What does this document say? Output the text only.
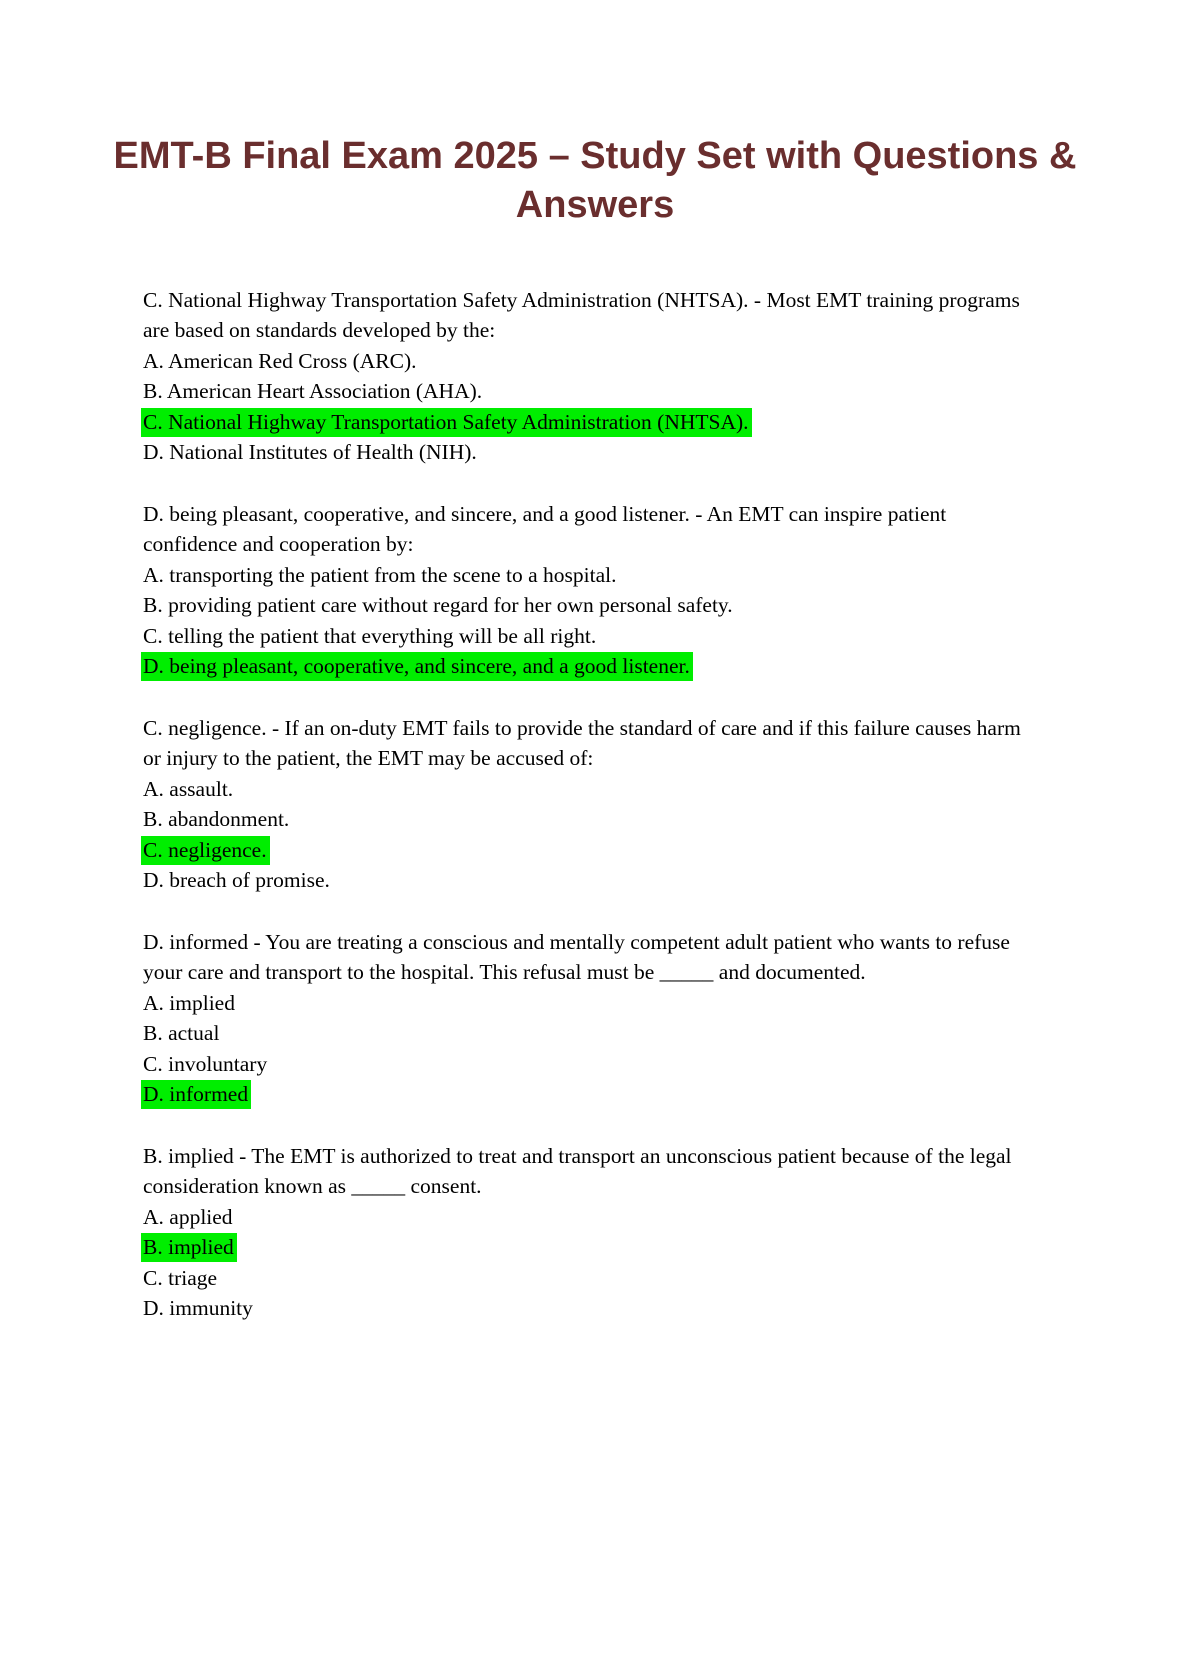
EMT-B Final Exam 2025 – Study Set with Questions & Answers

C. National Highway Transportation Safety Administration (NHTSA). - Most EMT training programs are based on standards developed by the:

A. American Red Cross (ARC).

B. American Heart Association (AHA).

C. National Highway Transportation Safety Administration (NHTSA).

D. National Institutes of Health (NIH).

D. being pleasant, cooperative, and sincere, and a good listener. - An EMT can inspire patient confidence and cooperation by:

A. transporting the patient from the scene to a hospital.

B. providing patient care without regard for her own personal safety.

C. telling the patient that everything will be all right.

D. being pleasant, cooperative, and sincere, and a good listener.

C. negligence. - If an on-duty EMT fails to provide the standard of care and if this failure causes harm or injury to the patient, the EMT may be accused of:

A. assault.

B. abandonment.

C. negligence.

D. breach of promise.

D. informed - You are treating a conscious and mentally competent adult patient who wants to refuse your care and transport to the hospital. This refusal must be _____ and documented.

A. implied

B. actual

C. involuntary

D. informed

B. implied - The EMT is authorized to treat and transport an unconscious patient because of the legal consideration known as _____ consent.

A. applied

B. implied

C. triage

D. immunity
